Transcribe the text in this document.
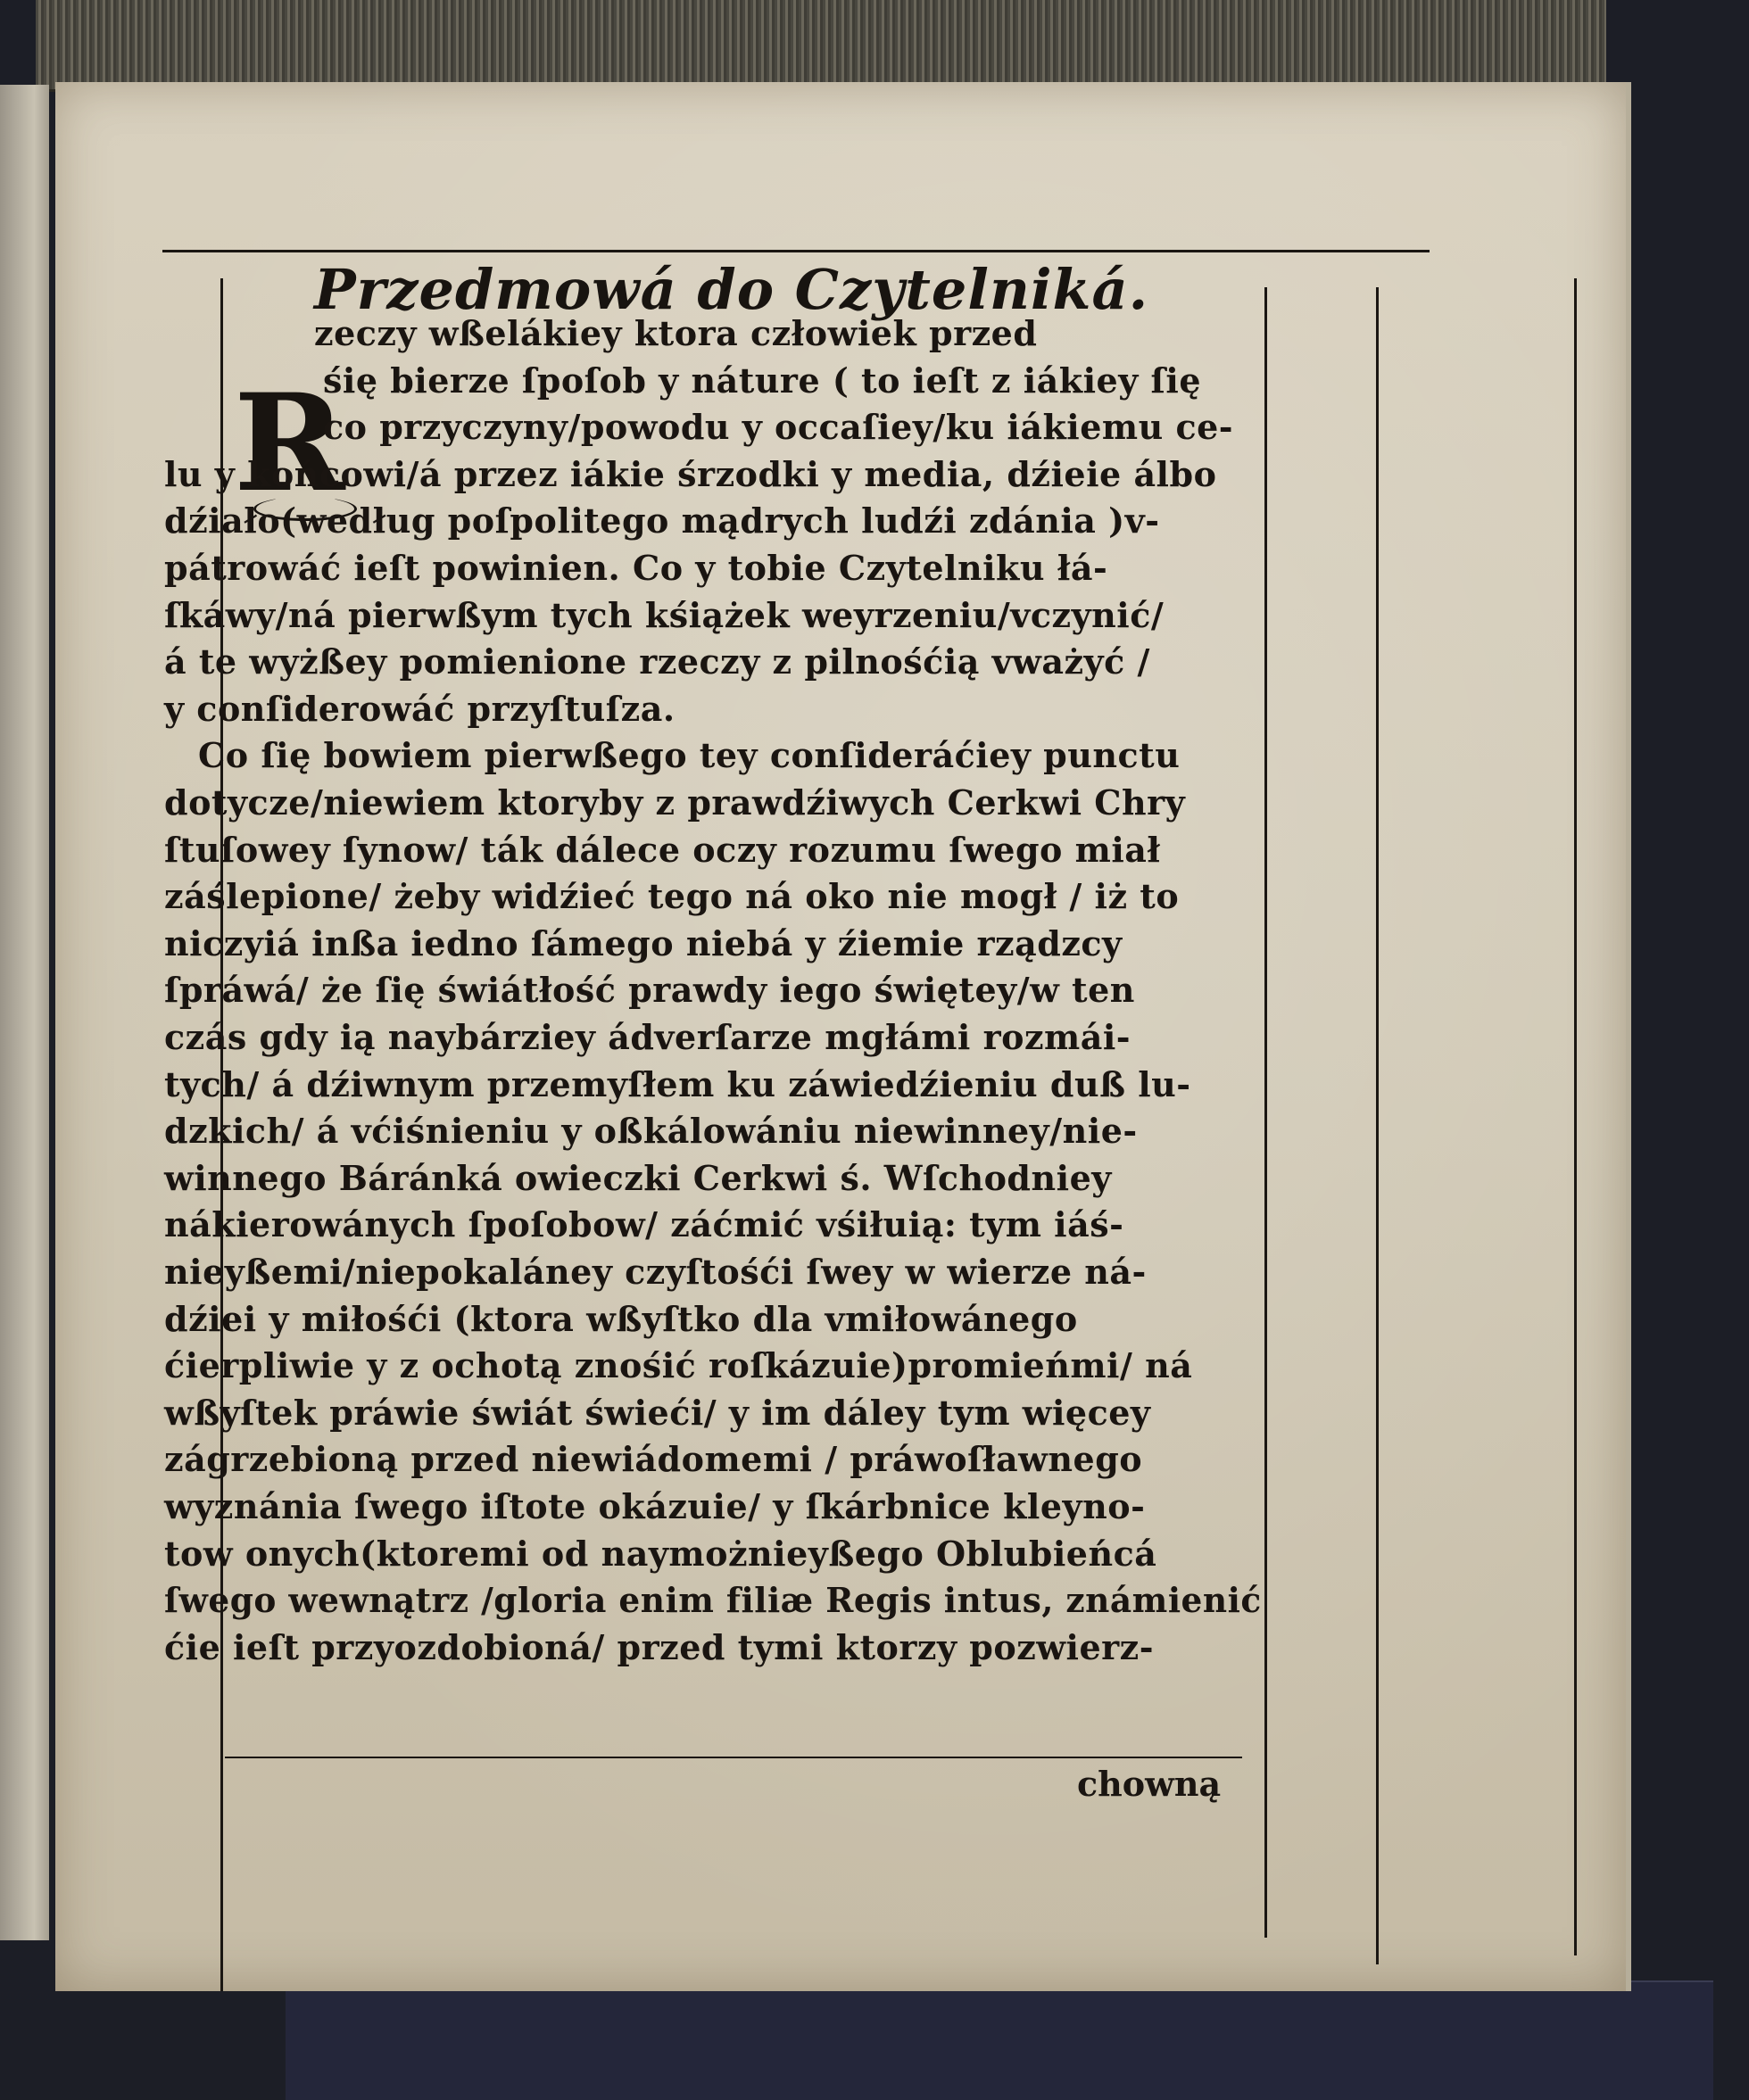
Przedmowá do Czytelniká.
R
zeczy wßelákiey ktora człowiek przed
śię bierze ſpoſob y náture ( to ieſt z iákiey ſię
co przyczyny/powodu y occaſiey/ku iákiemu ce-
lu y końcowi/á przez iákie śrzodki y media, dźieie álbo
dźiało(według poſpolitego mądrych ludźi zdánia )v-
pátrowáć ieſt powinien. Co y tobie Czytelniku łá-
ſkáwy/ná pierwßym tych kśiążek weyrzeniu/vczynić/
á te wyżßey pomienione rzeczy z pilnośćią vważyć /
y conſiderowáć przyſtuſza.
Co ſię bowiem pierwßego tey conſideráćiey punctu
dotycze/niewiem ktoryby z prawdźiwych Cerkwi Chry
ſtuſowey ſynow/ ták dálece oczy rozumu ſwego miał
záślepione/ żeby widźieć tego ná oko nie mogł / iż to
niczyiá inßa iedno ſámego niebá y źiemie rządzcy
ſpráwá/ że ſię świátłość prawdy iego świętey/w ten
czás gdy ią naybárziey ádverſarze mgłámi rozmái-
tych/ á dźiwnym przemyſłem ku záwiedźieniu duß lu-
dzkich/ á vćiśnieniu y oßkálowániu niewinney/nie-
winnego Báránká owieczki Cerkwi ś. Wſchodniey
nákierowánych ſpoſobow/ záćmić vśiłuią: tym iáś-
nieyßemi/niepokaláney czyſtośći ſwey w wierze ná-
dźiei y miłośći (ktora wßyſtko dla vmiłowánego
ćierpliwie y z ochotą znośić roſkázuie)promieńmi/ ná
wßyſtek práwie świát świeći/ y im dáley tym więcey
zágrzebioną przed niewiádomemi / práwoſławnego
wyznánia ſwego iſtote okázuie/ y ſkárbnice kleyno-
tow onych(ktoremi od naymożnieyßego Oblubieńcá
ſwego wewnątrz /gloria enim filiæ Regis intus, známienić
ćie ieſt przyozdobioná/ przed tymi ktorzy pozwierz-
chowną
